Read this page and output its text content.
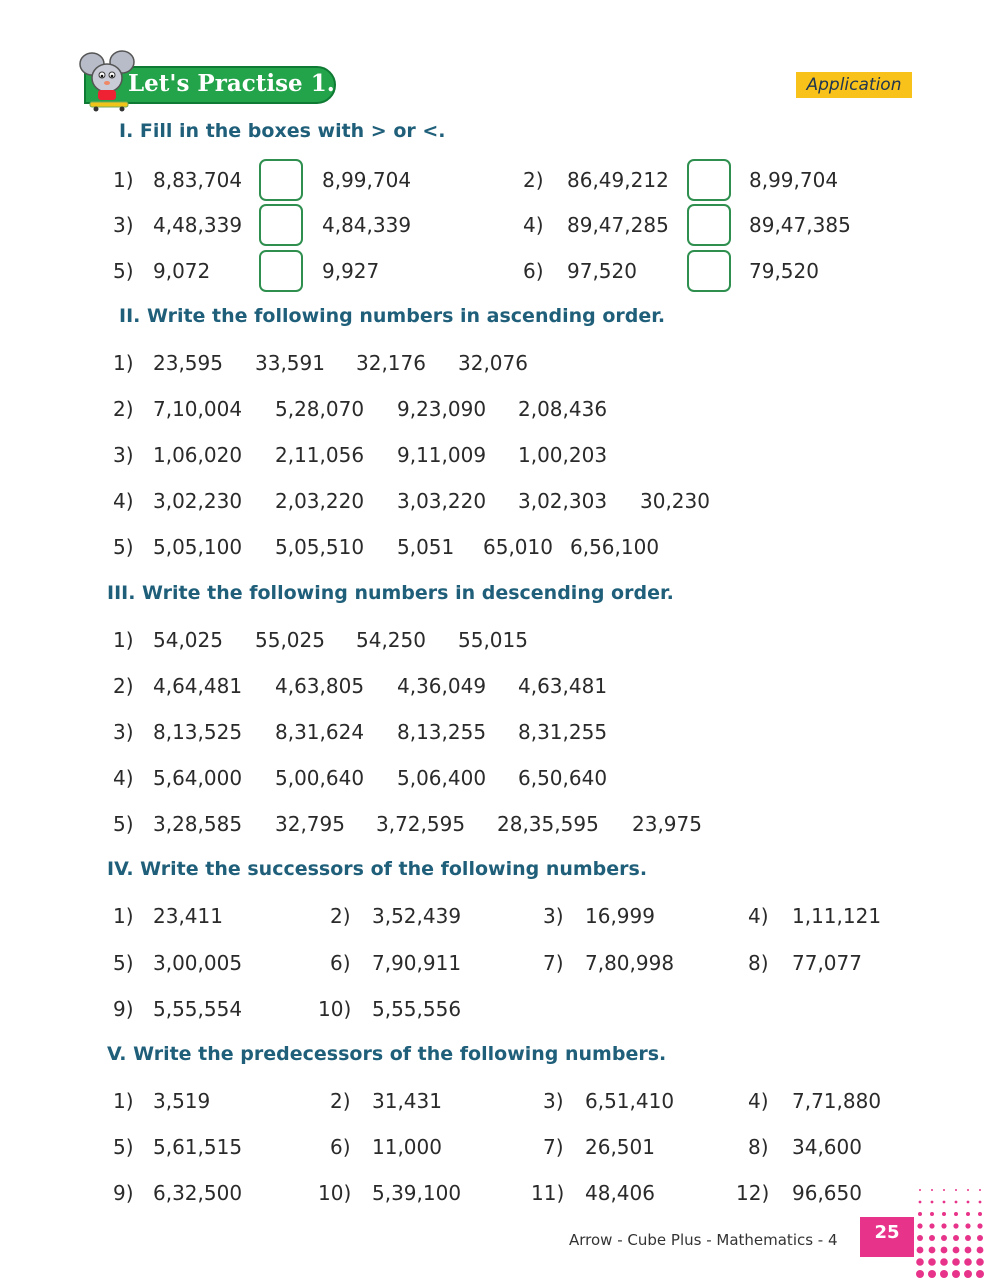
Let's Practise 1.6	Application
I. Fill in the boxes with > or <.
1) 8,83,704	8,99,704	2) 86,49,212	8,99,704
3) 4,48,339	4,84,339	4) 89,47,285	89,47,385
5) 9,072	9,927	6) 97,520	79,520
II. Write the following numbers in ascending order.
1) 23,595 33,591 32,176 32,076
2) 7,10,004 5,28,070 9,23,090 2,08,436
3) 1,06,020 2,11,056 9,11,009 1,00,203
4) 3,02,230 2,03,220 3,03,220 3,02,303 30,230
5) 5,05,100 5,05,510 5,051 65,010 6,56,100
III. Write the following numbers in descending order.
1) 54,025 55,025 54,250 55,015
2) 4,64,481 4,63,805 4,36,049 4,63,481
3) 8,13,525 8,31,624 8,13,255 8,31,255
4) 5,64,000 5,00,640 5,06,400 6,50,640
5) 3,28,585 32,795 3,72,595 28,35,595 23,975
IV. Write the successors of the following numbers.
1) 23,411	2) 3,52,439	3) 16,999	4) 1,11,121
5) 3,00,005	6) 7,90,911	7) 7,80,998	8) 77,077
9) 5,55,554	10) 5,55,556
V. Write the predecessors of the following numbers.
1) 3,519	2) 31,431	3) 6,51,410	4) 7,71,880
5) 5,61,515	6) 11,000	7) 26,501	8) 34,600
9) 6,32,500	10) 5,39,100	11) 48,406	12) 96,650
Arrow - Cube Plus - Mathematics - 4	25
